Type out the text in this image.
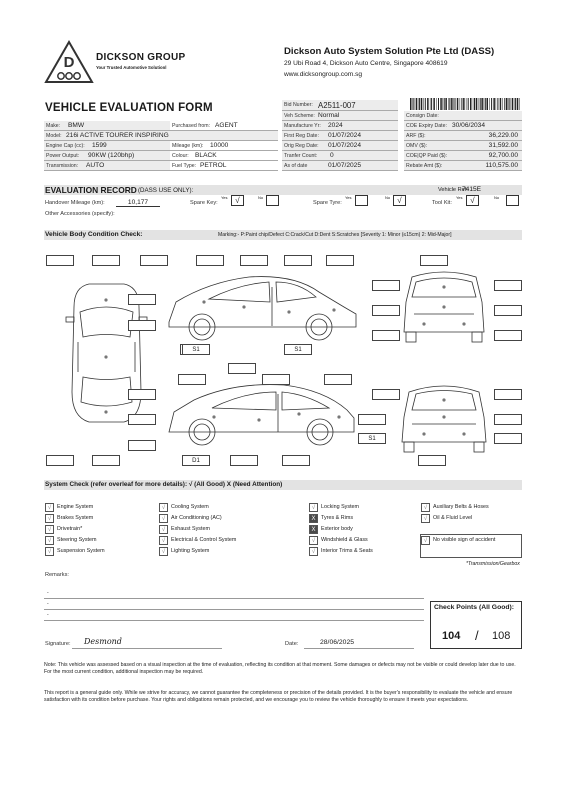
D DICKSON GROUP
Your Trusted Automotive Solutionl
Dickson Auto System Solution Pte Ltd (DASS)
29 Ubi Road 4, Dickson Auto Centre, Singapore 408619
www.dicksongroup.com.sg
VEHICLE EVALUATION FORM
Make: BMW	Purchased from: AGENT
Model: 216i ACTIVE TOURER INSPIRING
Engine Cap (cc): 1599	Mileage (km): 10000
Power Output: 90KW (120bhp)	Colour: BLACK
Transmission: AUTO	Fuel Type: PETROL
Bid Number: A2511-007
Veh Scheme: Normal
Manufacture Yr: 2024
First Reg Date: 01/07/2024
Orig Reg Date: 01/07/2024
Tranfer Count: 0
As of date	01/07/2025
Consign Date:
COE Expiry Date: 30/06/2034
ARF ($):	36,229.00
OMV ($):	31,592.00
COE|QP Paid ($):	92,700.00
Rebate Amt ($):	110,575.00
EVALUATION RECORD (DASS USE ONLY):	Vehicle Ref:
7415E
Handover Mileage (km):	10,177	Spare Key:
Yes √	No
Spare Tyre:
Yes	No √	Tool Kit:
Yes √	No
Other Accessories (specify):
Vehicle Body Condition Check:	Marking:- P:Paint chip/Defect C:Crack/Cut D:Dent S:Scratches [Severity 1: Minor (≤15cm) 2: Mid-Major]
S1	S1
S1
D1
System Check (refer overleaf for more details): √ (All Good) X (Need Attention)
√	Engine System
√	Brakes System
√	Drivetrain*
√	Steering System
√	Suspension System
√	Cooling System
√	Air Conditioning (AC)
√	Exhaust System
√	Electrical & Control System
√	Lighting System
√	Locking System
X	Tyres & Rims
X	Exterior body
√	Windshield & Glass
√	Interior Trims & Seats
√	Auxiliary Belts & Hoses
√	Oil & Fluid Level
√	No visible sign of accident
*Transmission/Gearbox
Remarks:
-
-
-
Check Points (All Good):
104 / 108
Signature: Desmond	Date:	28/06/2025
Note: This vehicle was assessed based on a visual inspection at the time of evaluation, reflecting its condition at that moment. Some damages or defects may not be visible or could develop later due to use. For the most current condition, additional inspection may be required.
This report is a general guide only. While we strive for accuracy, we cannot guarantee the completeness or precision of the details provided. It is the buyer's responsibility to evaluate the vehicle and ensure satisfaction with its condition before purchase. Your rights and obligations remain protected, and we encourage you to review the vehicle thoroughly to ensure it meets your expectations.
